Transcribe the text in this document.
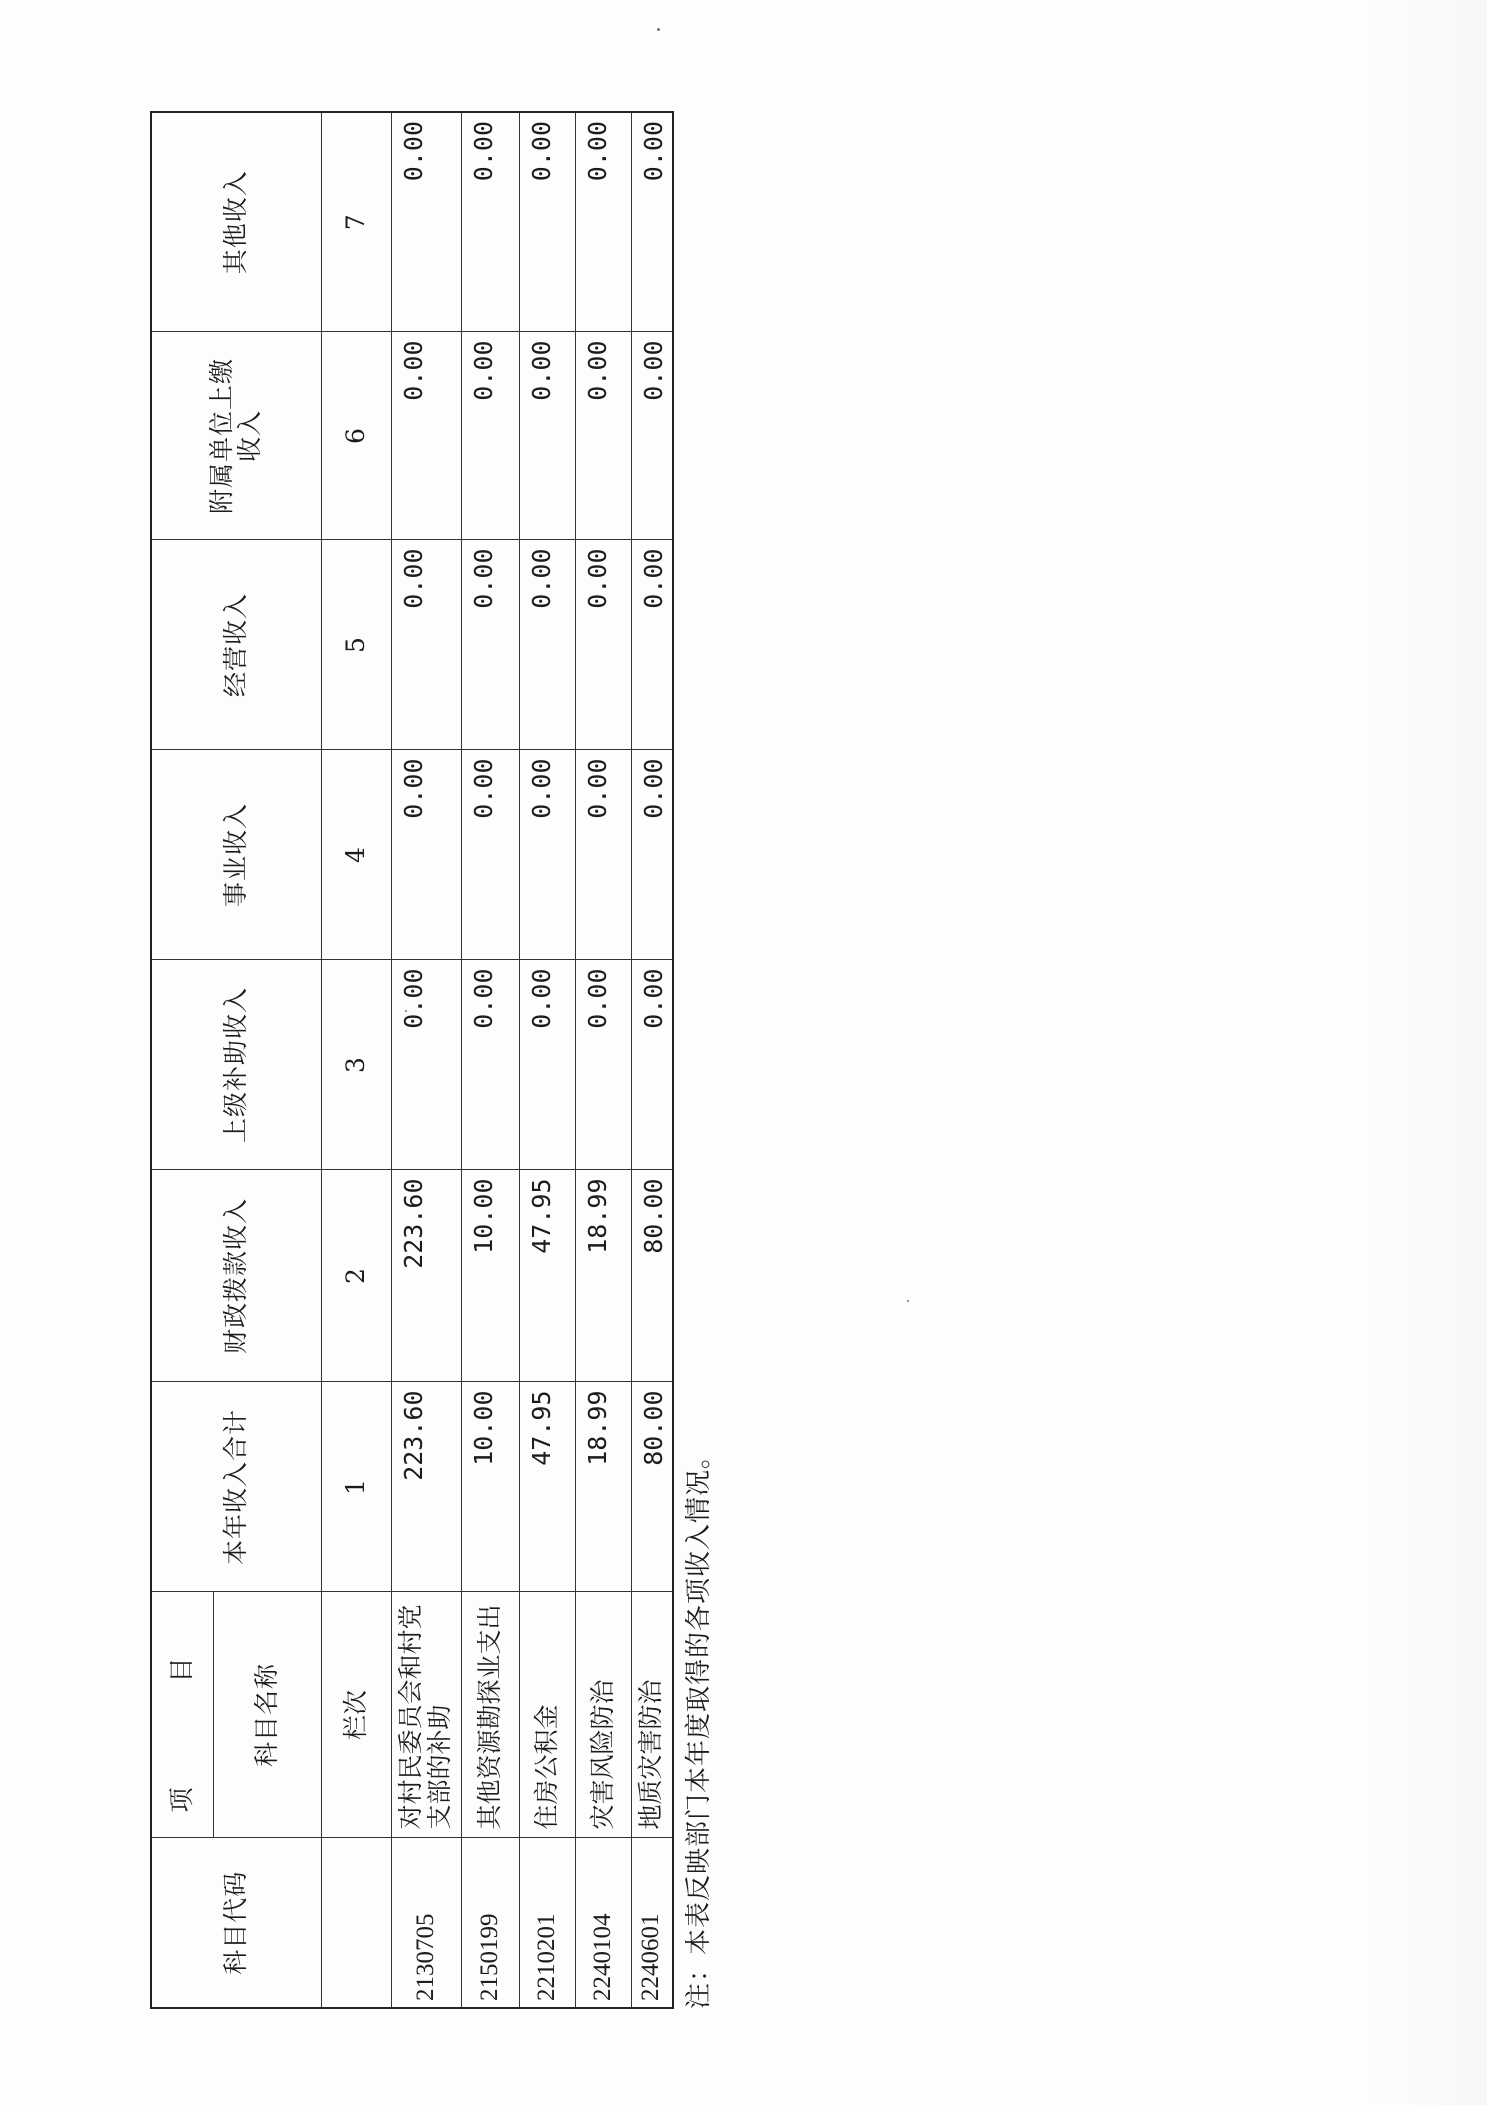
科目代码	项　目	本年收入合计	财政拨款收入	上级补助收入	事业收入	经营收入	附属单位上缴收入	其他收入
	科目名称							
	栏次	1	2	3	4	5	6	7
2130705	对村民委员会和村党支部的补助	223.60	223.60	0.00	0.00	0.00	0.00	0.00
2150199	其他资源勘探业支出	10.00	10.00	0.00	0.00	0.00	0.00	0.00
2210201	住房公积金	47.95	47.95	0.00	0.00	0.00	0.00	0.00
2240104	灾害风险防治	18.99	18.99	0.00	0.00	0.00	0.00	0.00
2240601	地质灾害防治	80.00	80.00	0.00	0.00	0.00	0.00	0.00
注：本表反映部门本年度取得的各项收入情况。
